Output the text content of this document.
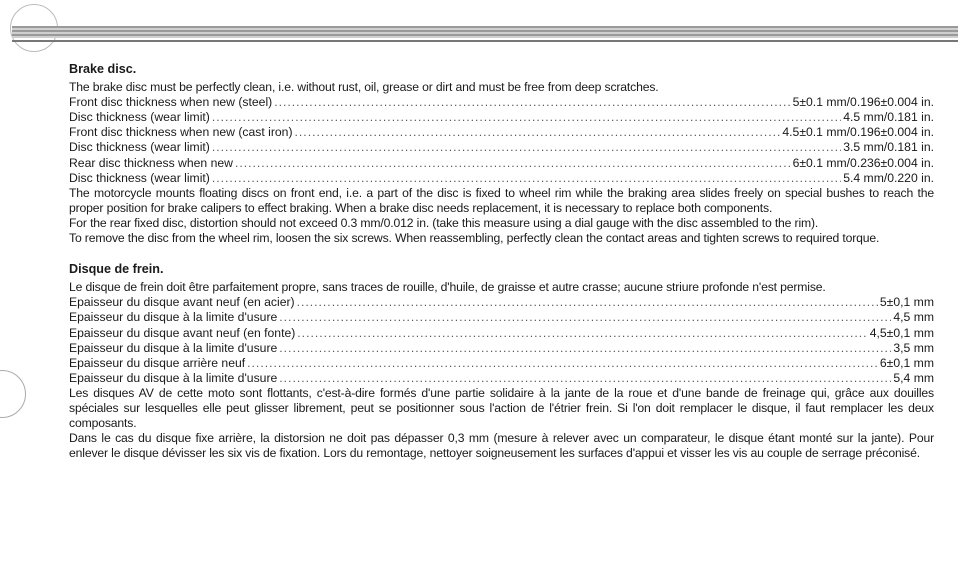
Brake disc.

The brake disc must be perfectly clean, i.e. without rust, oil, grease or dirt and must be free from deep scratches.

Front disc thickness when new (steel) .....	5±0.1 mm/0.196±0.004 in.
Disc thickness (wear limit) .....	4.5 mm/0.181 in.
Front disc thickness when new (cast iron) .....	4.5±0.1 mm/0.196±0.004 in.
Disc thickness (wear limit) .....	3.5 mm/0.181 in.
Rear disc thickness when new .....	6±0.1 mm/0.236±0.004 in.
Disc thickness (wear limit) .....	5.4 mm/0.220 in.

The motorcycle mounts floating discs on front end, i.e. a part of the disc is fixed to wheel rim while the braking area slides freely on special bushes to reach the proper position for brake calipers to effect braking. When a brake disc needs replacement, it is necessary to replace both components.

For the rear fixed disc, distortion should not exceed 0.3 mm/0.012 in. (take this measure using a dial gauge with the disc assembled to the rim).

To remove the disc from the wheel rim, loosen the six screws. When reassembling, perfectly clean the contact areas and tighten screws to required torque.

Disque de frein.

Le disque de frein doit être parfaitement propre, sans traces de rouille, d'huile, de graisse et autre crasse; aucune striure profonde n'est permise.

Epaisseur du disque avant neuf (en acier) .....	5±0,1 mm
Epaisseur du disque à la limite d'usure .....	4,5 mm
Epaisseur du disque avant neuf (en fonte) .....	4,5±0,1 mm
Epaisseur du disque à la limite d'usure .....	3,5 mm
Epaisseur du disque arrière neuf .....	6±0,1 mm
Epaisseur du disque à la limite d'usure .....	5,4 mm

Les disques AV de cette moto sont flottants, c'est-à-dire formés d'une partie solidaire à la jante de la roue et d'une bande de freinage qui, grâce aux douilles spéciales sur lesquelles elle peut glisser librement, peut se positionner sous l'action de l'étrier frein. Si l'on doit remplacer le disque, il faut remplacer les deux composants.

Dans le cas du disque fixe arrière, la distorsion ne doit pas dépasser 0,3 mm (mesure à relever avec un comparateur, le disque étant monté sur la jante). Pour enlever le disque dévisser les six vis de fixation. Lors du remontage, nettoyer soigneusement les surfaces d'appui et visser les vis au couple de serrage préconisé.
